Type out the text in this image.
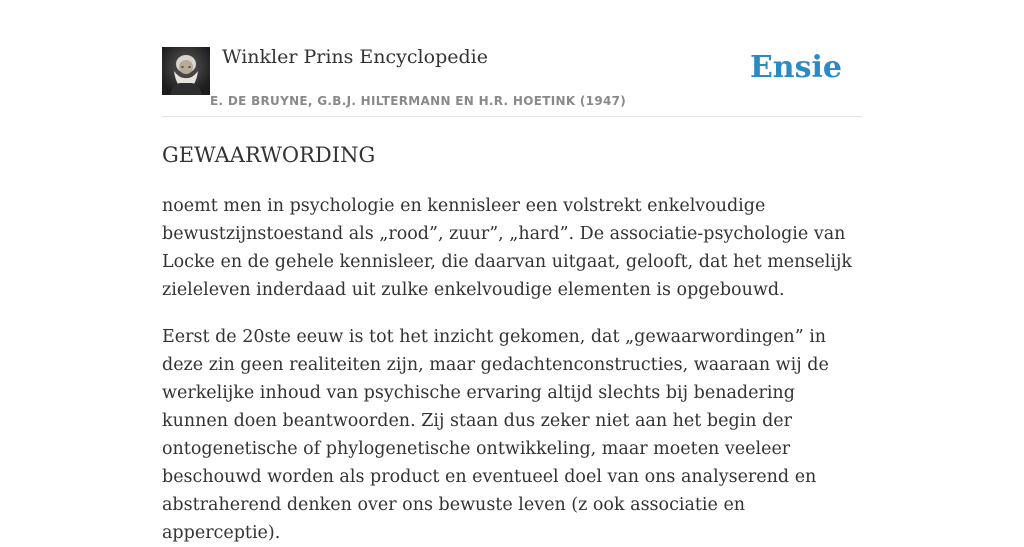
Winkler Prins Encyclopedie
E. DE BRUYNE, G.B.J. HILTERMANN EN H.R. HOETINK (1947)
Ensie
GEWAARWORDING

noemt men in psychologie en kennisleer een volstrekt enkelvoudige bewustzijnstoestand als „rood”, zuur”, „hard”. De associatie-psychologie van Locke en de gehele kennisleer, die daarvan uitgaat, gelooft, dat het menselijk zieleleven inderdaad uit zulke enkelvoudige elementen is opgebouwd.

Eerst de 20ste eeuw is tot het inzicht gekomen, dat „gewaarwordingen” in deze zin geen realiteiten zijn, maar gedachtenconstructies, waaraan wij de werkelijke inhoud van psychische ervaring altijd slechts bij benadering kunnen doen beantwoorden. Zij staan dus zeker niet aan het begin der ontogenetische of phylogenetische ontwikkeling, maar moeten veeleer beschouwd worden als product en eventueel doel van ons analyserend en abstraherend denken over ons bewuste leven (z ook associatie en apperceptie).
